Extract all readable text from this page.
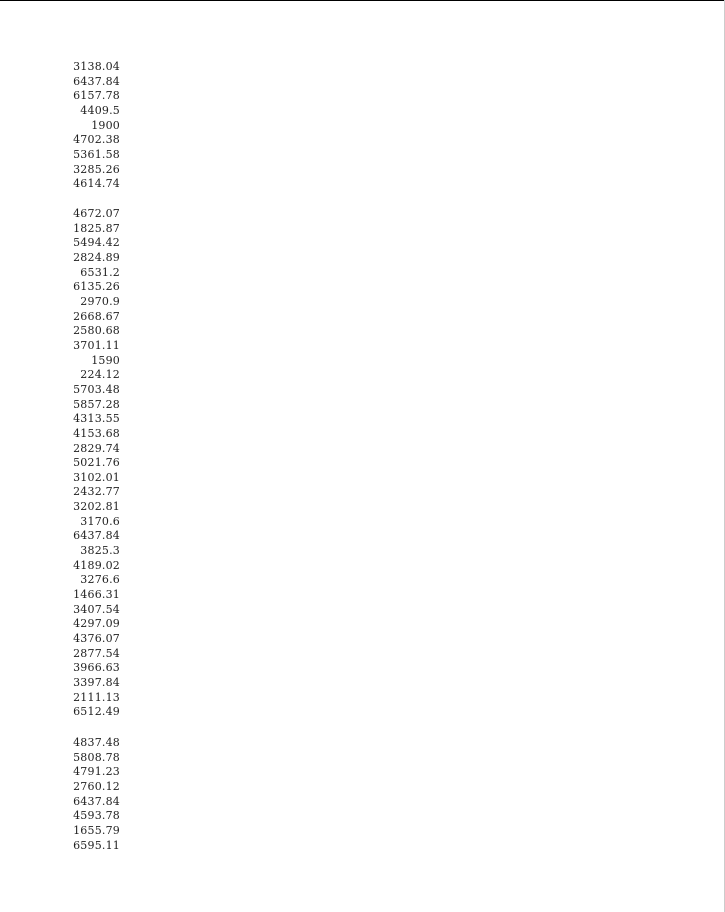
3138.04
6437.84
6157.78
4409.5
1900
4702.38
5361.58
3285.26
4614.74
4672.07
1825.87
5494.42
2824.89
6531.2
6135.26
2970.9
2668.67
2580.68
3701.11
1590
224.12
5703.48
5857.28
4313.55
4153.68
2829.74
5021.76
3102.01
2432.77
3202.81
3170.6
6437.84
3825.3
4189.02
3276.6
1466.31
3407.54
4297.09
4376.07
2877.54
3966.63
3397.84
2111.13
6512.49
4837.48
5808.78
4791.23
2760.12
6437.84
4593.78
1655.79
6595.11
